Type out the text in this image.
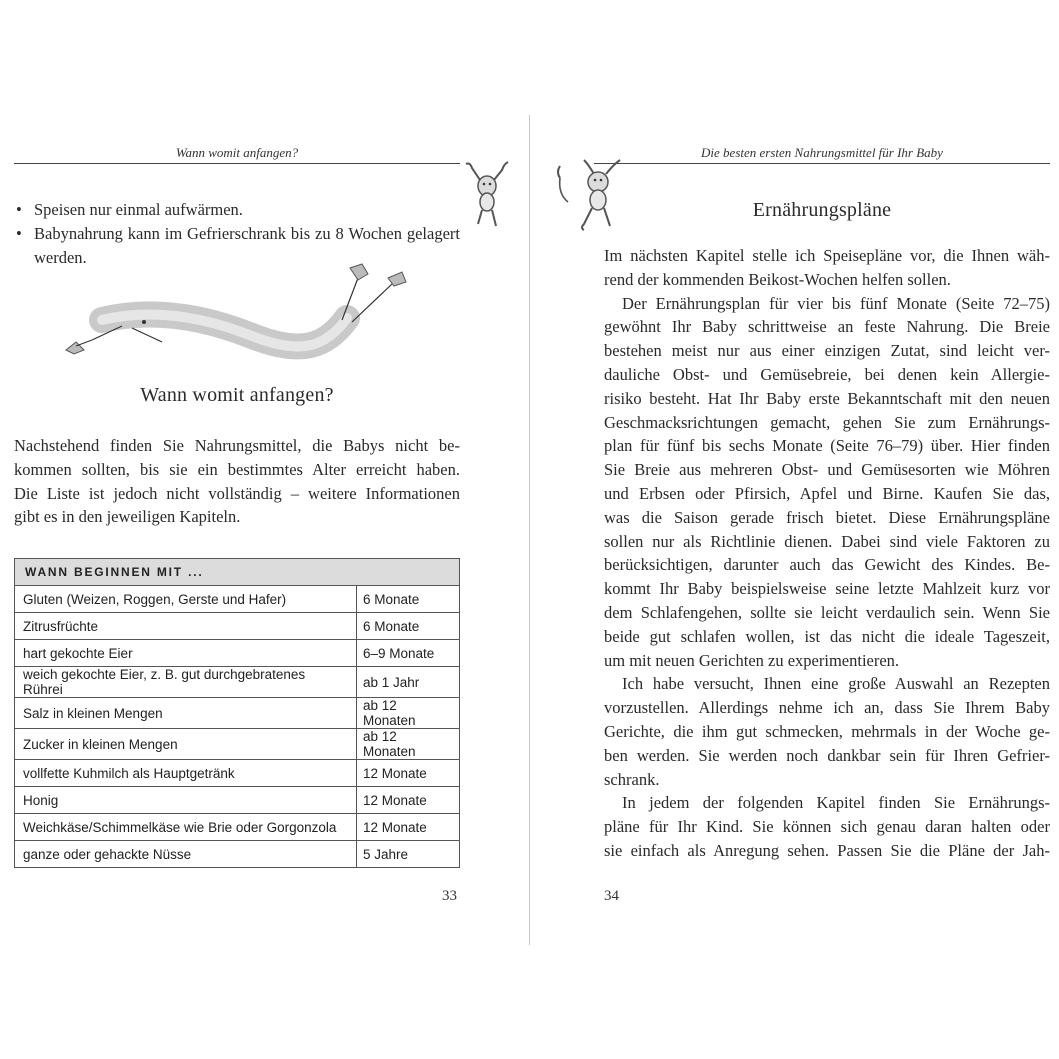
Wann womit anfangen?
• Speisen nur einmal aufwärmen.
• Babynahrung kann im Gefrierschrank bis zu 8 Wochen gelagert werden.
Wann womit anfangen?
Nachstehend finden Sie Nahrungsmittel, die Babys nicht be-
kommen sollten, bis sie ein bestimmtes Alter erreicht haben.
Die Liste ist jedoch nicht vollständig – weitere Informationen
gibt es in den jeweiligen Kapiteln.
WANN BEGINNEN MIT ...	
Gluten (Weizen, Roggen, Gerste und Hafer)	6 Monate
Zitrusfrüchte	6 Monate
hart gekochte Eier	6–9 Monate
weich gekochte Eier, z. B. gut durchgebratenes Rührei	ab 1 Jahr
Salz in kleinen Mengen	ab 12 Monaten
Zucker in kleinen Mengen	ab 12 Monaten
vollfette Kuhmilch als Hauptgetränk	12 Monate
Honig	12 Monate
Weichkäse/Schimmelkäse wie Brie oder Gorgonzola	12 Monate
ganze oder gehackte Nüsse	5 Jahre
33
Die besten ersten Nahrungsmittel für Ihr Baby
Ernährungspläne
Im nächsten Kapitel stelle ich Speisepläne vor, die Ihnen wäh-
rend der kommenden Beikost-Wochen helfen sollen.
Der Ernährungsplan für vier bis fünf Monate (Seite 72–75)
gewöhnt Ihr Baby schrittweise an feste Nahrung. Die Breie
bestehen meist nur aus einer einzigen Zutat, sind leicht ver-
dauliche Obst- und Gemüsebreie, bei denen kein Allergie-
risiko besteht. Hat Ihr Baby erste Bekanntschaft mit den neuen
Geschmacksrichtungen gemacht, gehen Sie zum Ernährungs-
plan für fünf bis sechs Monate (Seite 76–79) über. Hier finden
Sie Breie aus mehreren Obst- und Gemüsesorten wie Möhren
und Erbsen oder Pfirsich, Apfel und Birne. Kaufen Sie das,
was die Saison gerade frisch bietet. Diese Ernährungspläne
sollen nur als Richtlinie dienen. Dabei sind viele Faktoren zu
berücksichtigen, darunter auch das Gewicht des Kindes. Be-
kommt Ihr Baby beispielsweise seine letzte Mahlzeit kurz vor
dem Schlafengehen, sollte sie leicht verdaulich sein. Wenn Sie
beide gut schlafen wollen, ist das nicht die ideale Tageszeit,
um mit neuen Gerichten zu experimentieren.
Ich habe versucht, Ihnen eine große Auswahl an Rezepten
vorzustellen. Allerdings nehme ich an, dass Sie Ihrem Baby
Gerichte, die ihm gut schmecken, mehrmals in der Woche ge-
ben werden. Sie werden noch dankbar sein für Ihren Gefrier-
schrank.
In jedem der folgenden Kapitel finden Sie Ernährungs-
pläne für Ihr Kind. Sie können sich genau daran halten oder
sie einfach als Anregung sehen. Passen Sie die Pläne der Jah-
34
